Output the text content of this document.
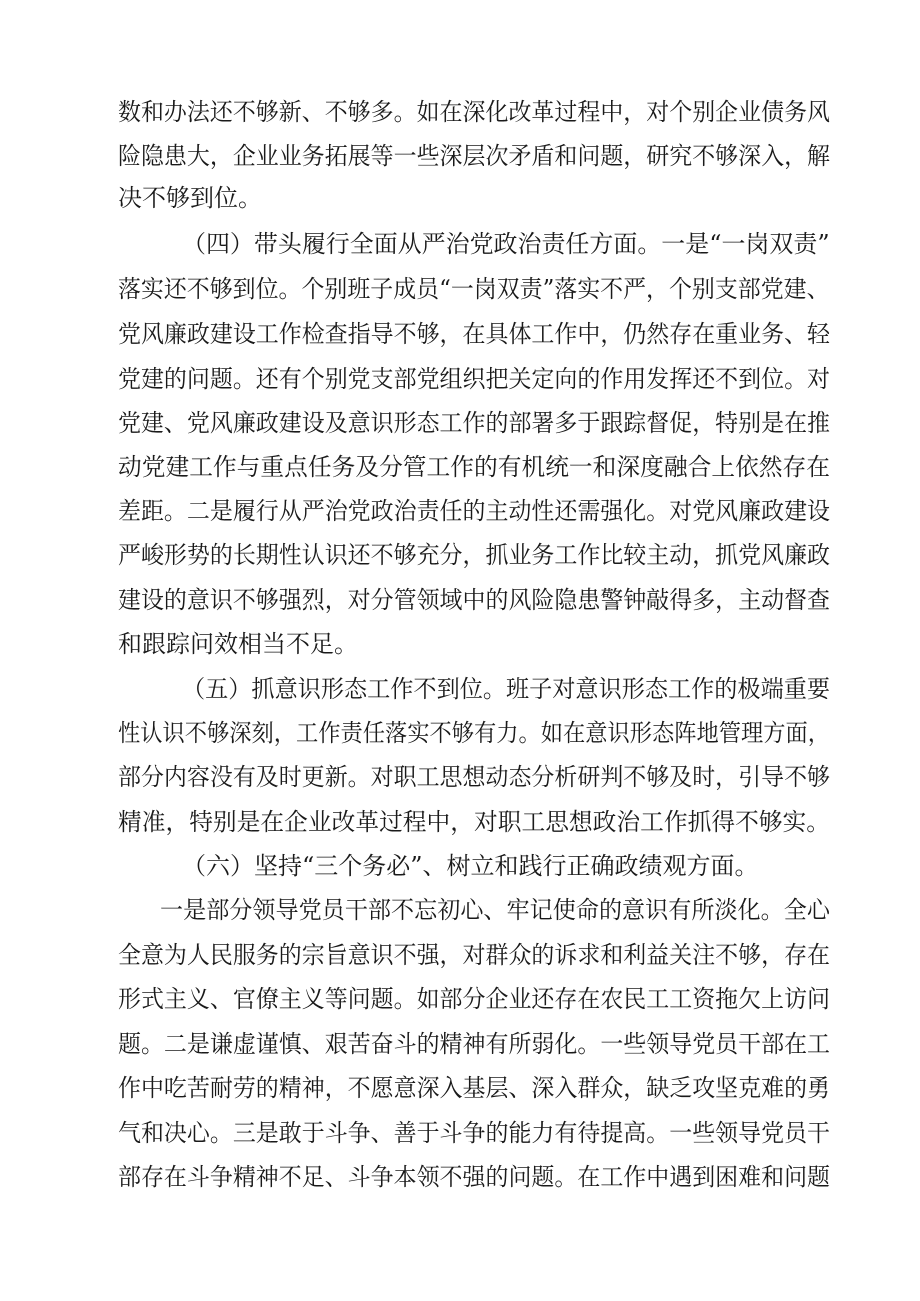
数和办法还不够新、不够多。如在深化改革过程中，对个别企业债务风
险隐患大，企业业务拓展等一些深层次矛盾和问题，研究不够深入，解
决不够到位。
（四）带头履行全面从严治党政治责任方面。一是“一岗双责”
落实还不够到位。个别班子成员“一岗双责”落实不严，个别支部党建、
党风廉政建设工作检查指导不够，在具体工作中，仍然存在重业务、轻
党建的问题。还有个别党支部党组织把关定向的作用发挥还不到位。对
党建、党风廉政建设及意识形态工作的部署多于跟踪督促，特别是在推
动党建工作与重点任务及分管工作的有机统一和深度融合上依然存在
差距。二是履行从严治党政治责任的主动性还需强化。对党风廉政建设
严峻形势的长期性认识还不够充分，抓业务工作比较主动，抓党风廉政
建设的意识不够强烈，对分管领域中的风险隐患警钟敲得多，主动督查
和跟踪问效相当不足。
（五）抓意识形态工作不到位。班子对意识形态工作的极端重要
性认识不够深刻，工作责任落实不够有力。如在意识形态阵地管理方面，
部分内容没有及时更新。对职工思想动态分析研判不够及时，引导不够
精准，特别是在企业改革过程中，对职工思想政治工作抓得不够实。
（六）坚持“三个务必”、树立和践行正确政绩观方面。
一是部分领导党员干部不忘初心、牢记使命的意识有所淡化。全心
全意为人民服务的宗旨意识不强，对群众的诉求和利益关注不够，存在
形式主义、官僚主义等问题。如部分企业还存在农民工工资拖欠上访问
题。二是谦虚谨慎、艰苦奋斗的精神有所弱化。一些领导党员干部在工
作中吃苦耐劳的精神，不愿意深入基层、深入群众，缺乏攻坚克难的勇
气和决心。三是敢于斗争、善于斗争的能力有待提高。一些领导党员干
部存在斗争精神不足、斗争本领不强的问题。在工作中遇到困难和问题
